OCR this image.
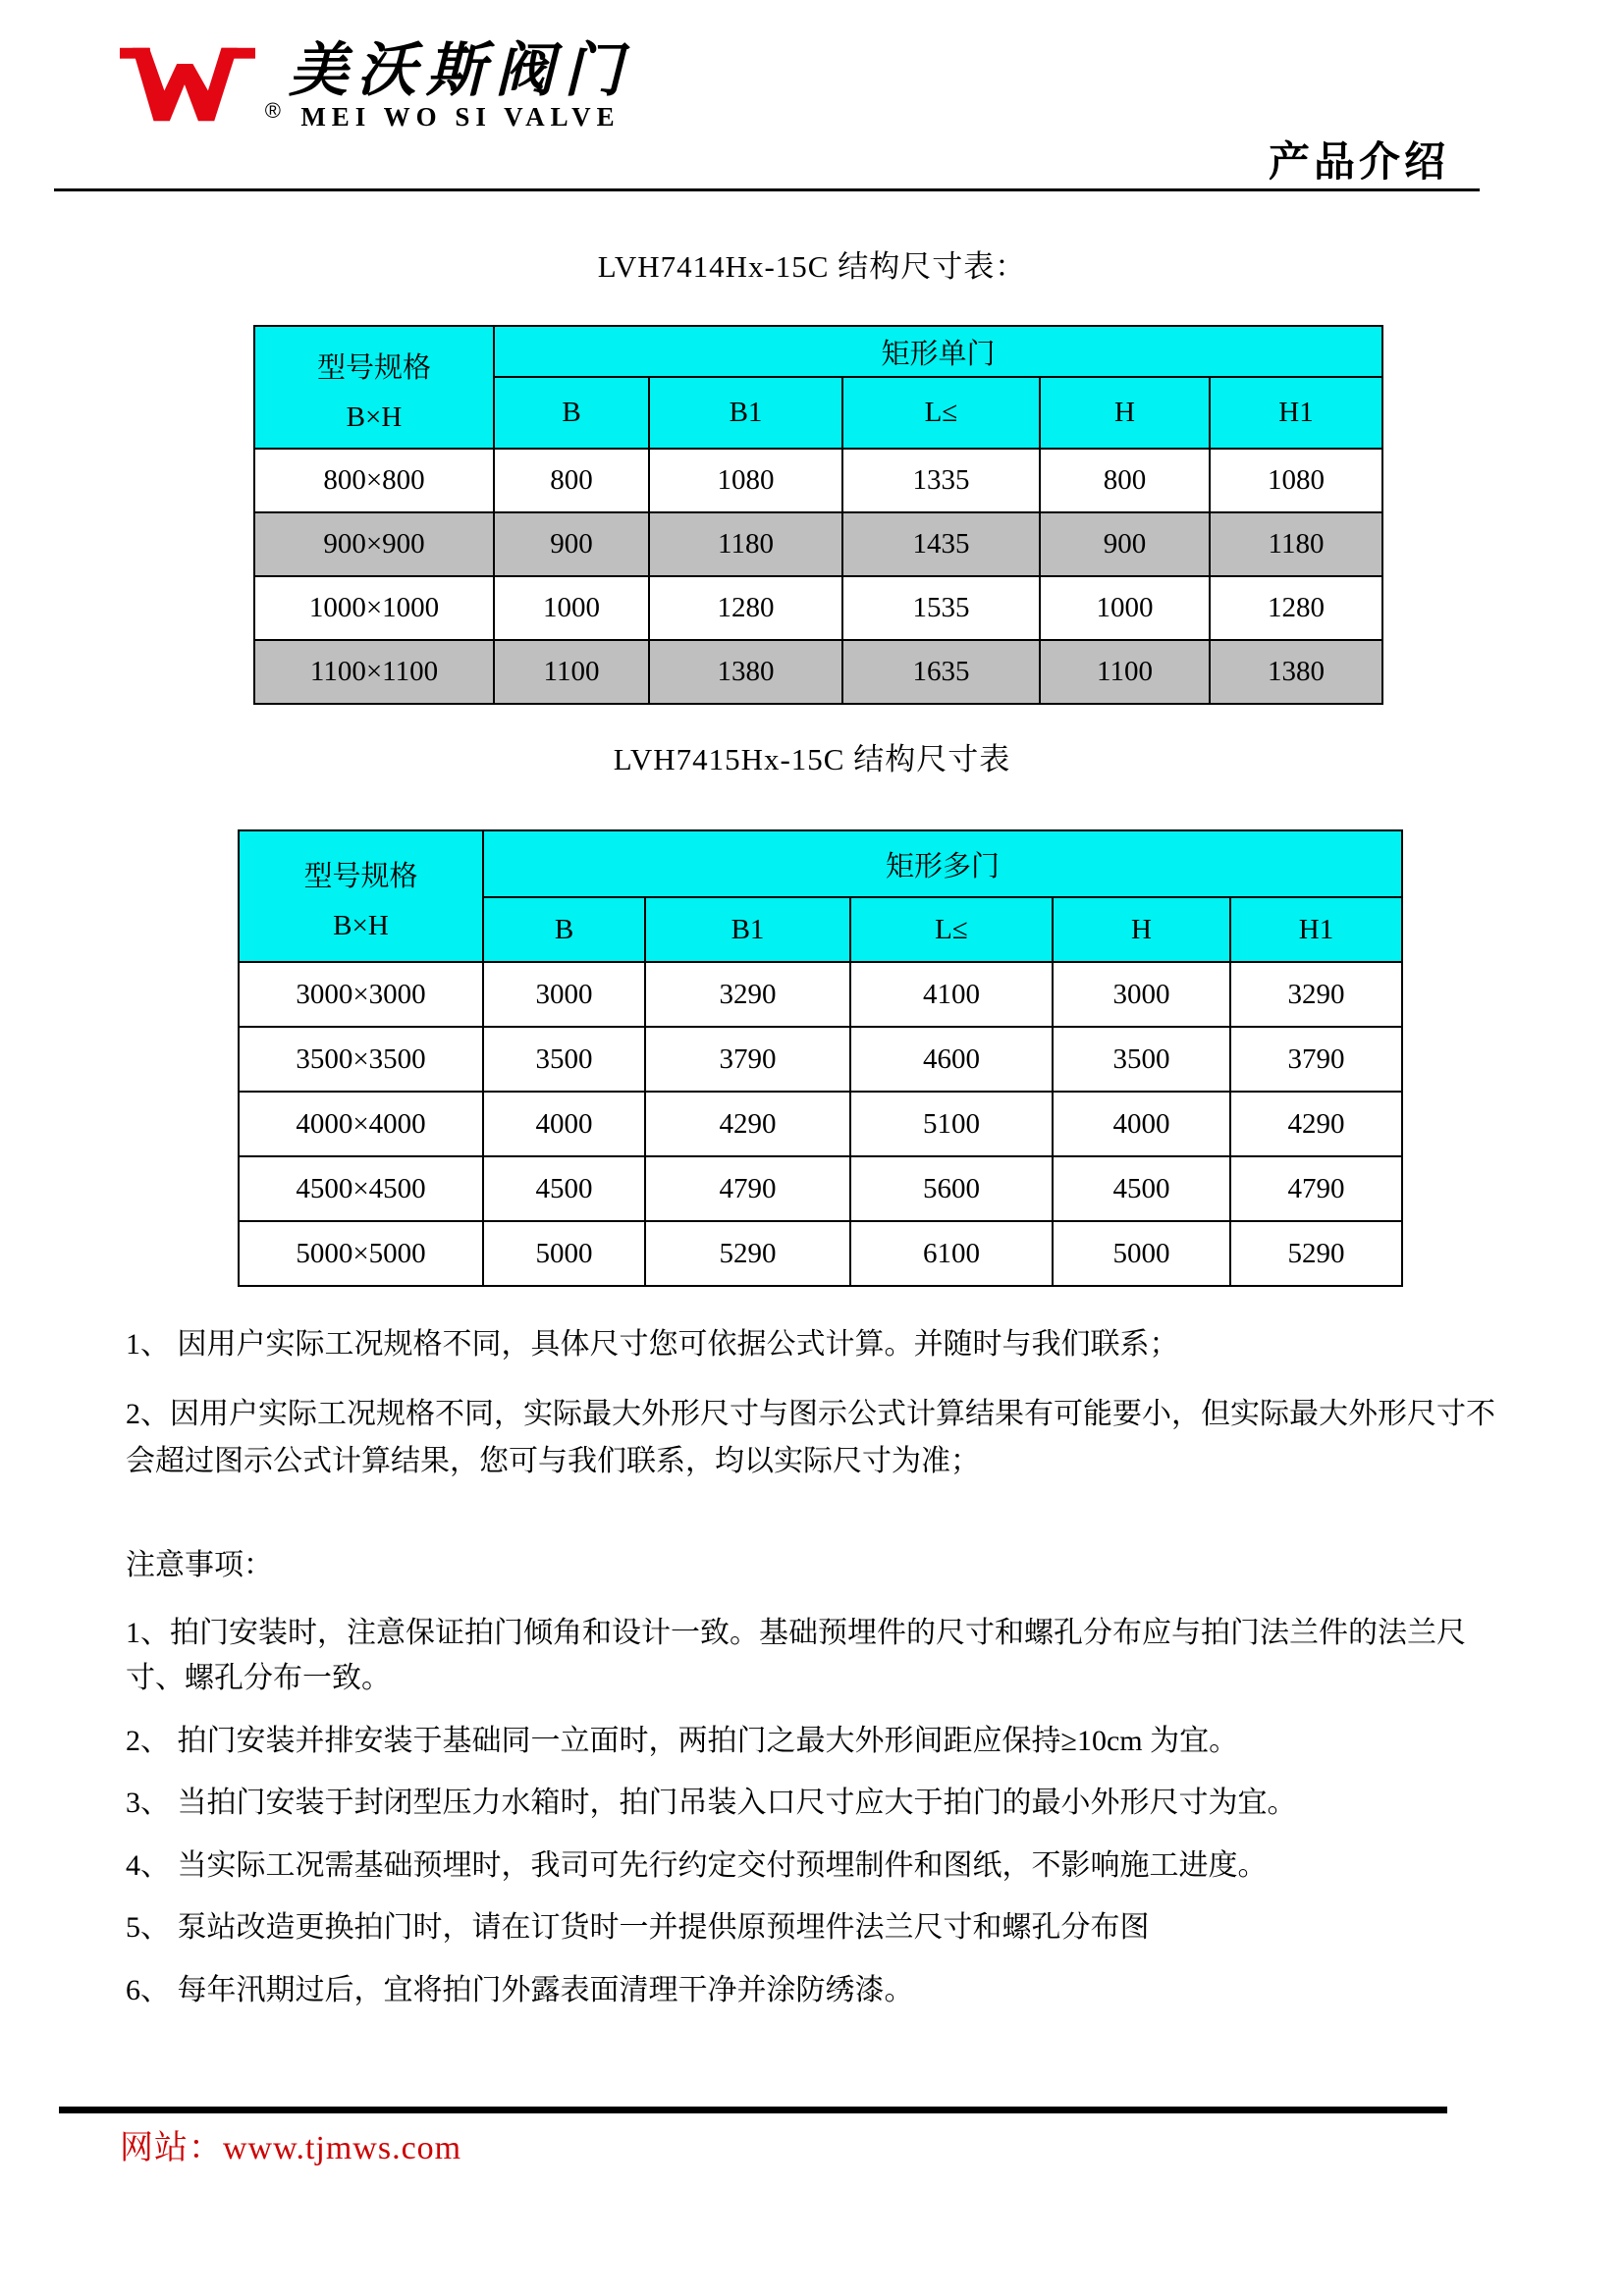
®
美沃斯阀门
MEI WO SI VALVE
产品介绍
LVH7414Hx-15C 结构尺寸表：
型号规格
B×H	矩形单门				
	B	B1	L≤	H	H1
800×800	800	1080	1335	800	1080
900×900	900	1180	1435	900	1180
1000×1000	1000	1280	1535	1000	1280
1100×1100	1100	1380	1635	1100	1380
LVH7415Hx-15C 结构尺寸表
型号规格
B×H	矩形多门				
	B	B1	L≤	H	H1
3000×3000	3000	3290	4100	3000	3290
3500×3500	3500	3790	4600	3500	3790
4000×4000	4000	4290	5100	4000	4290
4500×4500	4500	4790	5600	4500	4790
5000×5000	5000	5290	6100	5000	5290

1、 因用户实际工况规格不同，具体尺寸您可依据公式计算。并随时与我们联系；

2、因用户实际工况规格不同，实际最大外形尺寸与图示公式计算结果有可能要小，但实际最大外形尺寸不会超过图示公式计算结果，您可与我们联系，均以实际尺寸为准；

注意事项：

1、拍门安装时，注意保证拍门倾角和设计一致。基础预埋件的尺寸和螺孔分布应与拍门法兰件的法兰尺寸、螺孔分布一致。

2、 拍门安装并排安装于基础同一立面时，两拍门之最大外形间距应保持≥10cm 为宜。

3、 当拍门安装于封闭型压力水箱时，拍门吊装入口尺寸应大于拍门的最小外形尺寸为宜。

4、 当实际工况需基础预埋时，我司可先行约定交付预埋制件和图纸，不影响施工进度。

5、 泵站改造更换拍门时，请在订货时一并提供原预埋件法兰尺寸和螺孔分布图

6、 每年汛期过后，宜将拍门外露表面清理干净并涂防绣漆。

网站：www.tjmws.com
